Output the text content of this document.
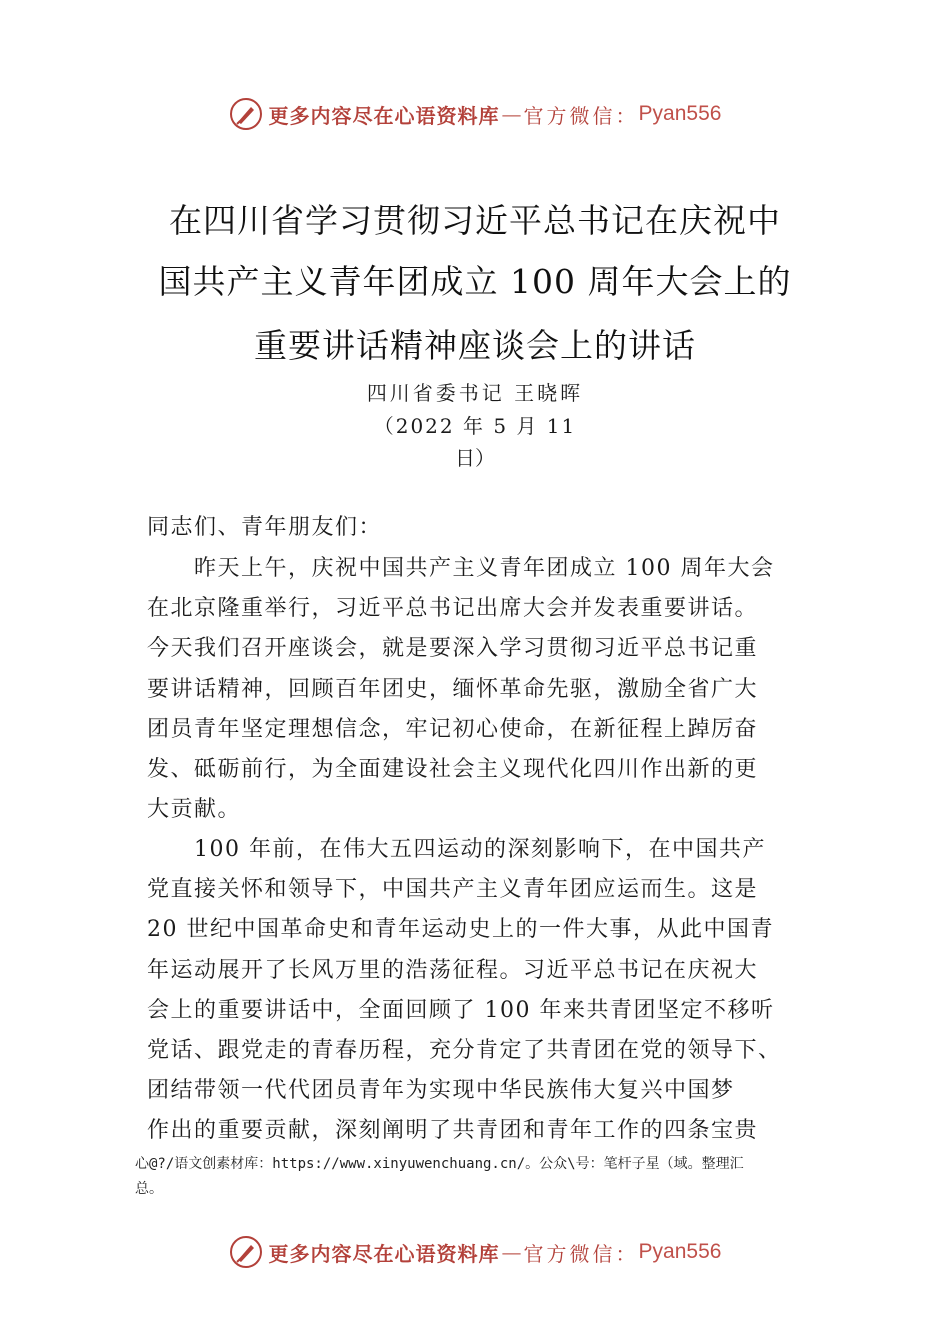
更多内容尽在心语资料库 — 官方微信： Pyan556
在四川省学习贯彻习近平总书记在庆祝中
国共产主义青年团成立 100 周年大会上的
重要讲话精神座谈会上的讲话
四川省委书记 王晓晖
（2022 年 5 月 11
日）
同志们、青年朋友们：
　　昨天上午，庆祝中国共产主义青年团成立 100 周年大会
在北京隆重举行，习近平总书记出席大会并发表重要讲话。
今天我们召开座谈会，就是要深入学习贯彻习近平总书记重
要讲话精神，回顾百年团史，缅怀革命先驱，激励全省广大
团员青年坚定理想信念，牢记初心使命，在新征程上踔厉奋
发、砥砺前行，为全面建设社会主义现代化四川作出新的更
大贡献。
　　100 年前，在伟大五四运动的深刻影响下，在中国共产
党直接关怀和领导下，中国共产主义青年团应运而生。这是
20 世纪中国革命史和青年运动史上的一件大事，从此中国青
年运动展开了长风万里的浩荡征程。习近平总书记在庆祝大
会上的重要讲话中，全面回顾了 100 年来共青团坚定不移听
党话、跟党走的青春历程，充分肯定了共青团在党的领导下、
团结带领一代代团员青年为实现中华民族伟大复兴中国梦
作出的重要贡献，深刻阐明了共青团和青年工作的四条宝贵
心@?/语文创素材库：https://www.xinyuwenchuang.cn/。公众\号：笔杆子星（域。整理汇
总。
更多内容尽在心语资料库 — 官方微信： Pyan556
